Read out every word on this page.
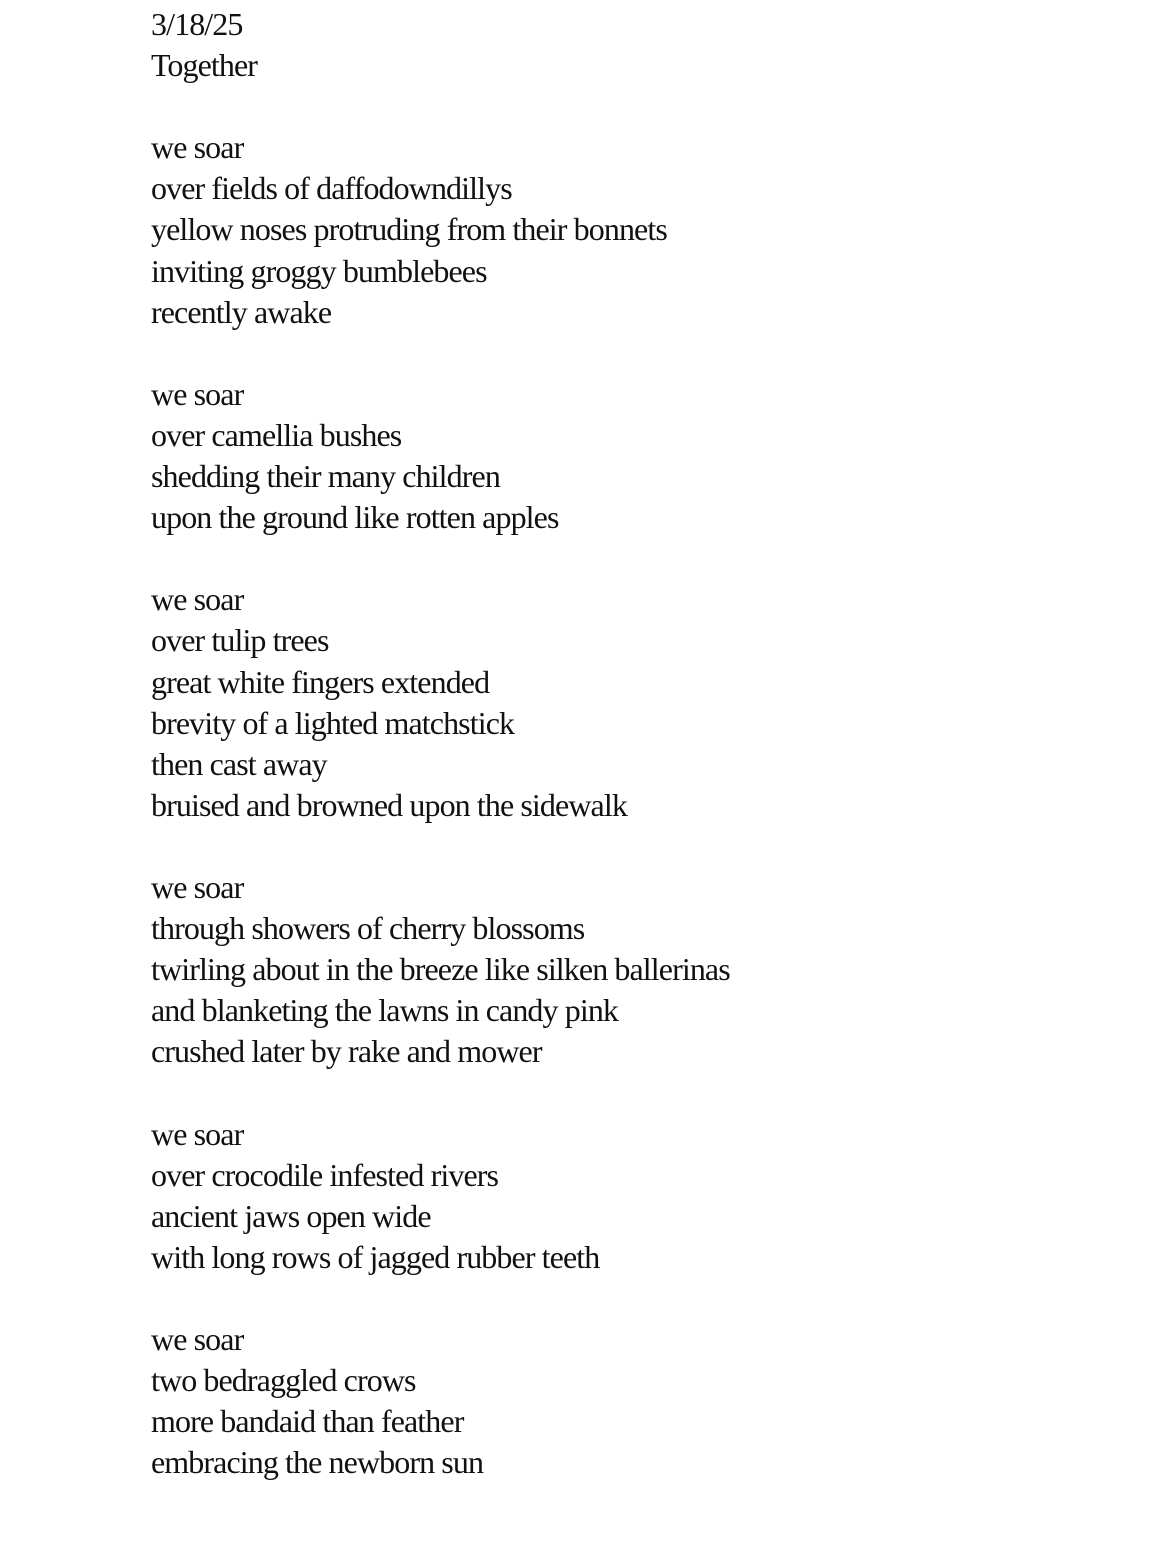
3/18/25
Together
we soar
over fields of daffodowndillys
yellow noses protruding from their bonnets
inviting groggy bumblebees
recently awake
we soar
over camellia bushes
shedding their many children
upon the ground like rotten apples
we soar
over tulip trees
great white fingers extended
brevity of a lighted matchstick
then cast away
bruised and browned upon the sidewalk
we soar
through showers of cherry blossoms
twirling about in the breeze like silken ballerinas
and blanketing the lawns in candy pink
crushed later by rake and mower
we soar
over crocodile infested rivers
ancient jaws open wide
with long rows of jagged rubber teeth
we soar
two bedraggled crows
more bandaid than feather
embracing the newborn sun
